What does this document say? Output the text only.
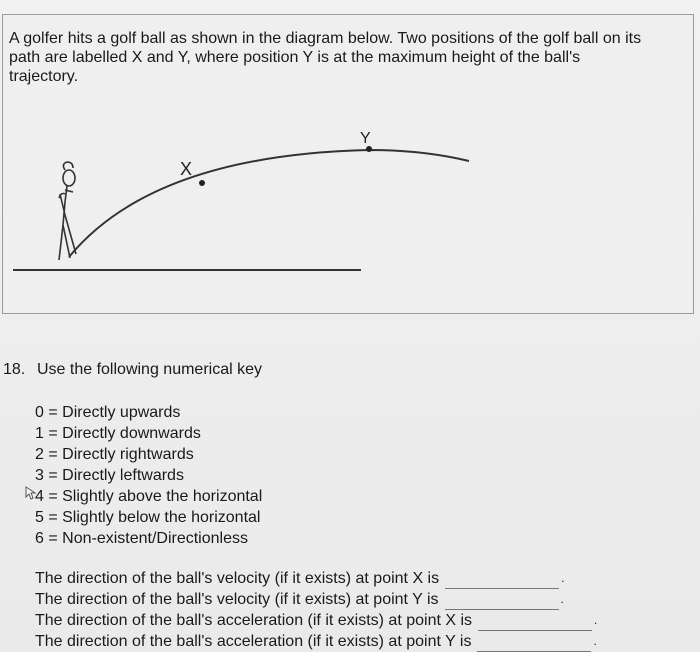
A golfer hits a golf ball as shown in the diagram below. Two positions of the golf ball on its path are labelled X and Y, where position Y is at the maximum height of the ball's trajectory.

X
Y
18. Use the following numerical key
0 = Directly upwards
1 = Directly downwards
2 = Directly rightwards
3 = Directly leftwards
4 = Slightly above the horizontal
5 = Slightly below the horizontal
6 = Non-existent/Directionless
The direction of the ball's velocity (if it exists) at point X is	.
The direction of the ball's velocity (if it exists) at point Y is	.
The direction of the ball's acceleration (if it exists) at point X is	.
The direction of the ball's acceleration (if it exists) at point Y is	.
